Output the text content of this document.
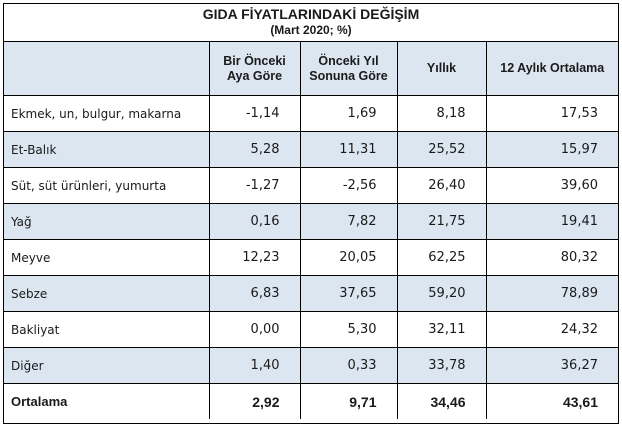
GIDA FİYATLARINDAKİ DEĞİŞİM
(Mart 2020; %)
	Bir Önceki Aya Göre	Önceki Yıl Sonuna Göre	Yıllık	12 Aylık Ortalama
Ekmek, un, bulgur, makarna	-1,14	1,69	8,18	17,53
Et-Balık	5,28	11,31	25,52	15,97
Süt, süt ürünleri, yumurta	-1,27	-2,56	26,40	39,60
Yağ	0,16	7,82	21,75	19,41
Meyve	12,23	20,05	62,25	80,32
Sebze	6,83	37,65	59,20	78,89
Bakliyat	0,00	5,30	32,11	24,32
Diğer	1,40	0,33	33,78	36,27
Ortalama	2,92	9,71	34,46	43,61
